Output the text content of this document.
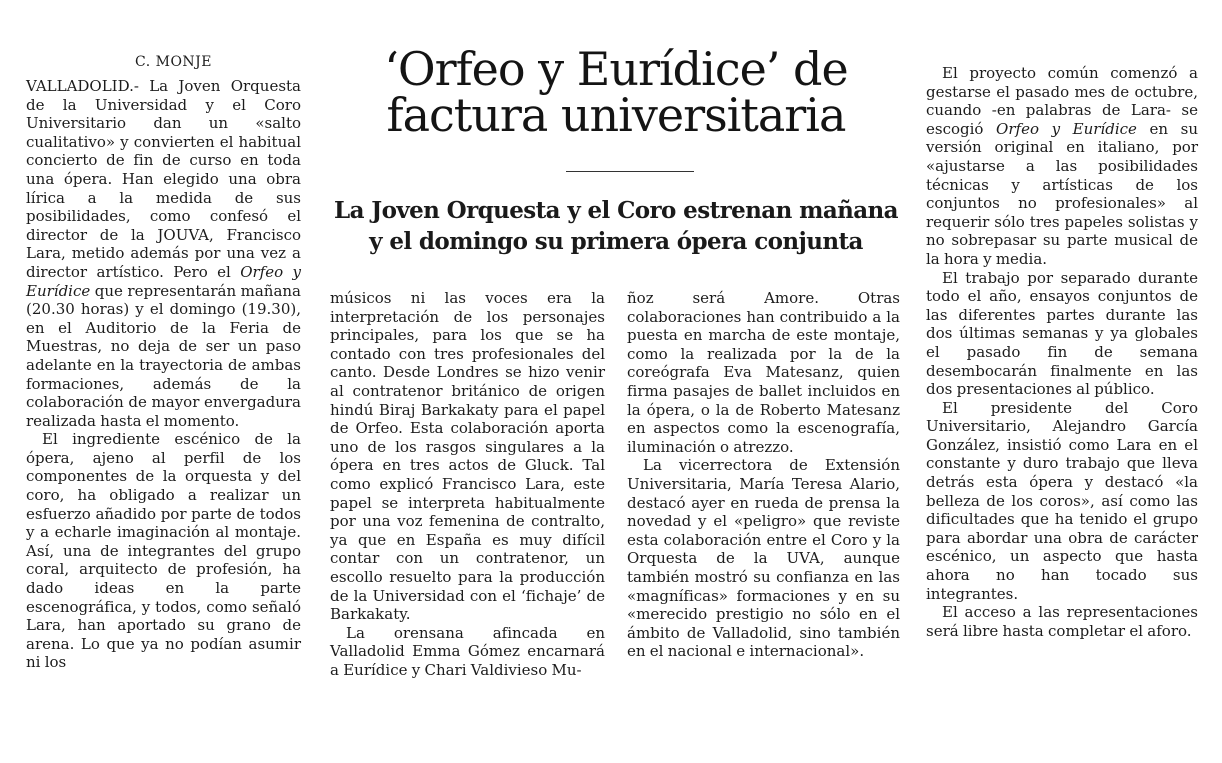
C. MONJE	‘Orfeo y Eurídice’ de factura universitaria
La Joven Orquesta y el Coro estrenan mañana y el domingo su primera ópera conjunta

VALLADOLID.- La Joven Orquesta de la Universidad y el Coro Universitario dan un «salto cualitativo» y convierten el habitual concierto de fin de curso en toda una ópera. Han elegido una obra lírica a la medida de sus posibilidades, como confesó el director de la JOUVA, Francisco Lara, metido además por una vez a director artístico. Pero el Orfeo y Eurídice que representarán mañana (20.30 horas) y el domingo (19.30), en el Auditorio de la Feria de Muestras, no deja de ser un paso adelante en la trayectoria de ambas formaciones, además de la colaboración de mayor envergadura realizada hasta el momento.

El ingrediente escénico de la ópera, ajeno al perfil de los componentes de la orquesta y del coro, ha obligado a realizar un esfuerzo añadido por parte de todos y a echarle imaginación al montaje. Así, una de integrantes del grupo coral, arquitecto de profesión, ha dado ideas en la parte escenográfica, y todos, como señaló Lara, han aportado su grano de arena. Lo que ya no podían asumir ni los

músicos ni las voces era la interpretación de los personajes principales, para los que se ha contado con tres profesionales del canto. Desde Londres se hizo venir al contratenor británico de origen hindú Biraj Barkakaty para el papel de Orfeo. Esta colaboración aporta uno de los rasgos singulares a la ópera en tres actos de Gluck. Tal como explicó Francisco Lara, este papel se interpreta habitualmente por una voz femenina de contralto, ya que en España es muy difícil contar con un contratenor, un escollo resuelto para la producción de la Universidad con el ‘fichaje’ de Barkakaty.

La orensana afincada en Valladolid Emma Gómez encarnará a Eurídice y Chari Valdivieso Mu-

ñoz será Amore. Otras colaboraciones han contribuido a la puesta en marcha de este montaje, como la realizada por la de la coreógrafa Eva Matesanz, quien firma pasajes de ballet incluidos en la ópera, o la de Roberto Matesanz en aspectos como la escenografía, iluminación o atrezzo.

La vicerrectora de Extensión Universitaria, María Teresa Alario, destacó ayer en rueda de prensa la novedad y el «peligro» que reviste esta colaboración entre el Coro y la Orquesta de la UVA, aunque también mostró su confianza en las «magníficas» formaciones y en su «merecido prestigio no sólo en el ámbito de Valladolid, sino también en el nacional e internacional».

El proyecto común comenzó a gestarse el pasado mes de octubre, cuando -en palabras de Lara- se escogió Orfeo y Eurídice en su versión original en italiano, por «ajustarse a las posibilidades técnicas y artísticas de los conjuntos no profesionales» al requerir sólo tres papeles solistas y no sobrepasar su parte musical de la hora y media.

El trabajo por separado durante todo el año, ensayos conjuntos de las diferentes partes durante las dos últimas semanas y ya globales el pasado fin de semana desembocarán finalmente en las dos presentaciones al público.

El presidente del Coro Universitario, Alejandro García González, insistió como Lara en el constante y duro trabajo que lleva detrás esta ópera y destacó «la belleza de los coros», así como las dificultades que ha tenido el grupo para abordar una obra de carácter escénico, un aspecto que hasta ahora no han tocado sus integrantes.

El acceso a las representaciones será libre hasta completar el aforo.
